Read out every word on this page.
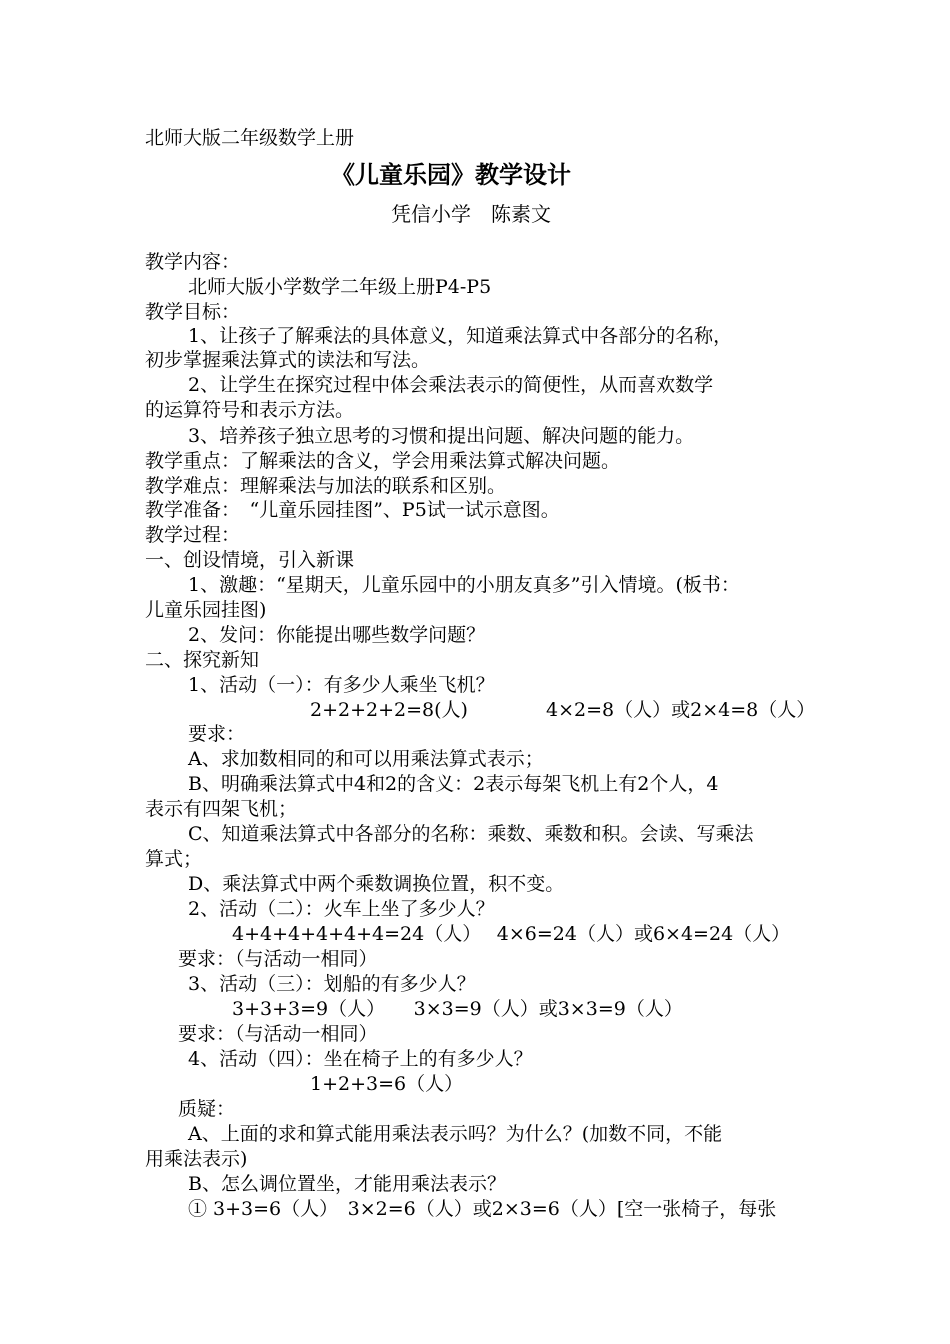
北师大版二年级数学上册
《儿童乐园》教学设计
凭信小学　陈素文
教学内容：
北师大版小学数学二年级上册P4-P5
教学目标：
1、让孩子了解乘法的具体意义，知道乘法算式中各部分的名称，
初步掌握乘法算式的读法和写法。
2、让学生在探究过程中体会乘法表示的简便性，从而喜欢数学
的运算符号和表示方法。
3、培养孩子独立思考的习惯和提出问题、解决问题的能力。
教学重点：了解乘法的含义，学会用乘法算式解决问题。
教学难点：理解乘法与加法的联系和区别。
教学准备：　“儿童乐园挂图”、P5试一试示意图。
教学过程：
一、创设情境，引入新课
1、激趣：“星期天，儿童乐园中的小朋友真多”引入情境。(板书：
儿童乐园挂图)
2、发问：你能提出哪些数学问题？
二、探究新知
1、活动（一）：有多少人乘坐飞机？
2+2+2+2=8(人)	4×2=8（人）或2×4=8（人）
要求：
A、求加数相同的和可以用乘法算式表示；
B、明确乘法算式中4和2的含义：2表示每架飞机上有2个人，4
表示有四架飞机；
C、知道乘法算式中各部分的名称：乘数、乘数和积。会读、写乘法
算式；
D、乘法算式中两个乘数调换位置，积不变。
2、活动（二）：火车上坐了多少人？
4+4+4+4+4+4=24（人）　 4×6=24（人）或6×4=24（人）
要求：（与活动一相同）
3、活动（三）：划船的有多少人？
3+3+3=9（人）　　3×3=9（人）或3×3=9（人）
要求：（与活动一相同）
4、活动（四）：坐在椅子上的有多少人？
1+2+3=6（人）
质疑：
A、上面的求和算式能用乘法表示吗？为什么？(加数不同，不能
用乘法表示)
B、怎么调位置坐，才能用乘法表示？
① 3+3=6（人）　3×2=6（人）或2×3=6（人）[空一张椅子，每张
